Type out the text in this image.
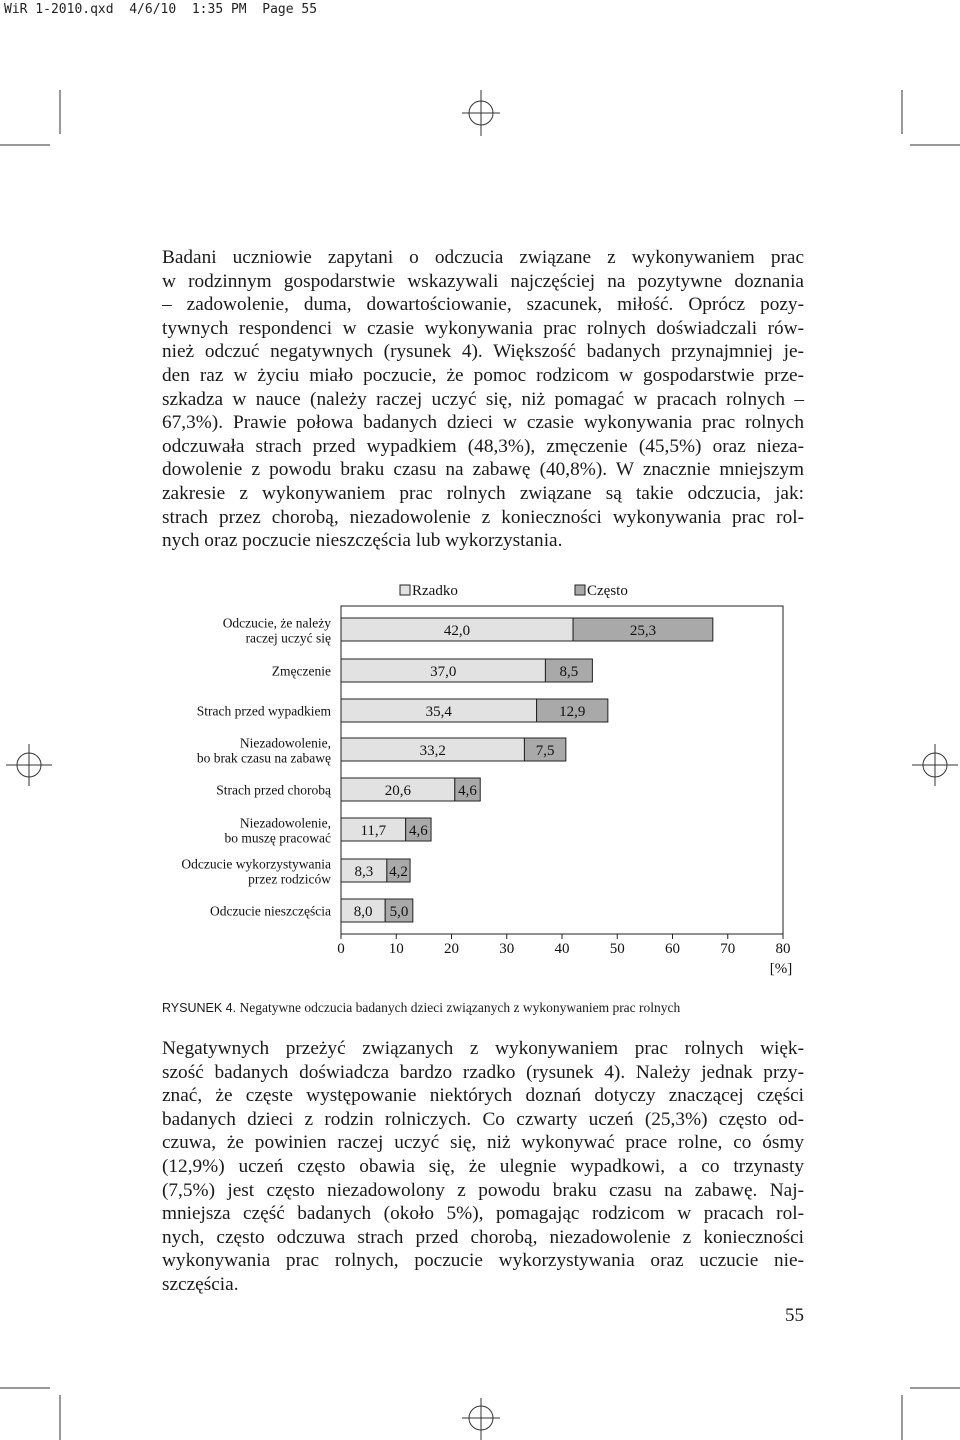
WiR 1-2010.qxd  4/6/10  1:35 PM  Page 55
Badani uczniowie zapytani o odczucia związane z wykonywaniem prac
w rodzinnym gospodarstwie wskazywali najczęściej na pozytywne doznania
– zadowolenie, duma, dowartościowanie, szacunek, miłość. Oprócz pozy-
tywnych respondenci w czasie wykonywania prac rolnych doświadczali rów-
nież odczuć negatywnych (rysunek 4). Większość badanych przynajmniej je-
den raz w życiu miało poczucie, że pomoc rodzicom w gospodarstwie prze-
szkadza w nauce (należy raczej uczyć się, niż pomagać w pracach rolnych –
67,3%). Prawie połowa badanych dzieci w czasie wykonywania prac rolnych
odczuwała strach przed wypadkiem (48,3%), zmęczenie (45,5%) oraz nieza-
dowolenie z powodu braku czasu na zabawę (40,8%). W znacznie mniejszym
zakresie z wykonywaniem prac rolnych związane są takie odczucia, jak:
strach przez chorobą, niezadowolenie z konieczności wykonywania prac rol-
nych oraz poczucie nieszczęścia lub wykorzystania.
Rzadko	Często
42,0	25,3
Odczucie, że należy
raczej uczyć się
37,0	8,5
Zmęczenie
35,4	12,9
Strach przed wypadkiem
33,2	7,5
Niezadowolenie,
bo brak czasu na zabawę
20,6	4,6
Strach przed chorobą
11,7 4,6
Niezadowolenie,
bo muszę pracować
8,3 4,2
Odczucie wykorzystywania
przez rodziców
8,0 5,0
Odczucie nieszczęścia
0	10	20	30	40	50	60	70	80
[%]
RYSUNEK 4. Negatywne odczucia badanych dzieci związanych z wykonywaniem prac rolnych
Negatywnych przeżyć związanych z wykonywaniem prac rolnych więk-
szość badanych doświadcza bardzo rzadko (rysunek 4). Należy jednak przy-
znać, że częste występowanie niektórych doznań dotyczy znaczącej części
badanych dzieci z rodzin rolniczych. Co czwarty uczeń (25,3%) często od-
czuwa, że powinien raczej uczyć się, niż wykonywać prace rolne, co ósmy
(12,9%) uczeń często obawia się, że ulegnie wypadkowi, a co trzynasty
(7,5%) jest często niezadowolony z powodu braku czasu na zabawę. Naj-
mniejsza część badanych (około 5%), pomagając rodzicom w pracach rol-
nych, często odczuwa strach przed chorobą, niezadowolenie z konieczności
wykonywania prac rolnych, poczucie wykorzystywania oraz uczucie nie-
szczęścia.
55
